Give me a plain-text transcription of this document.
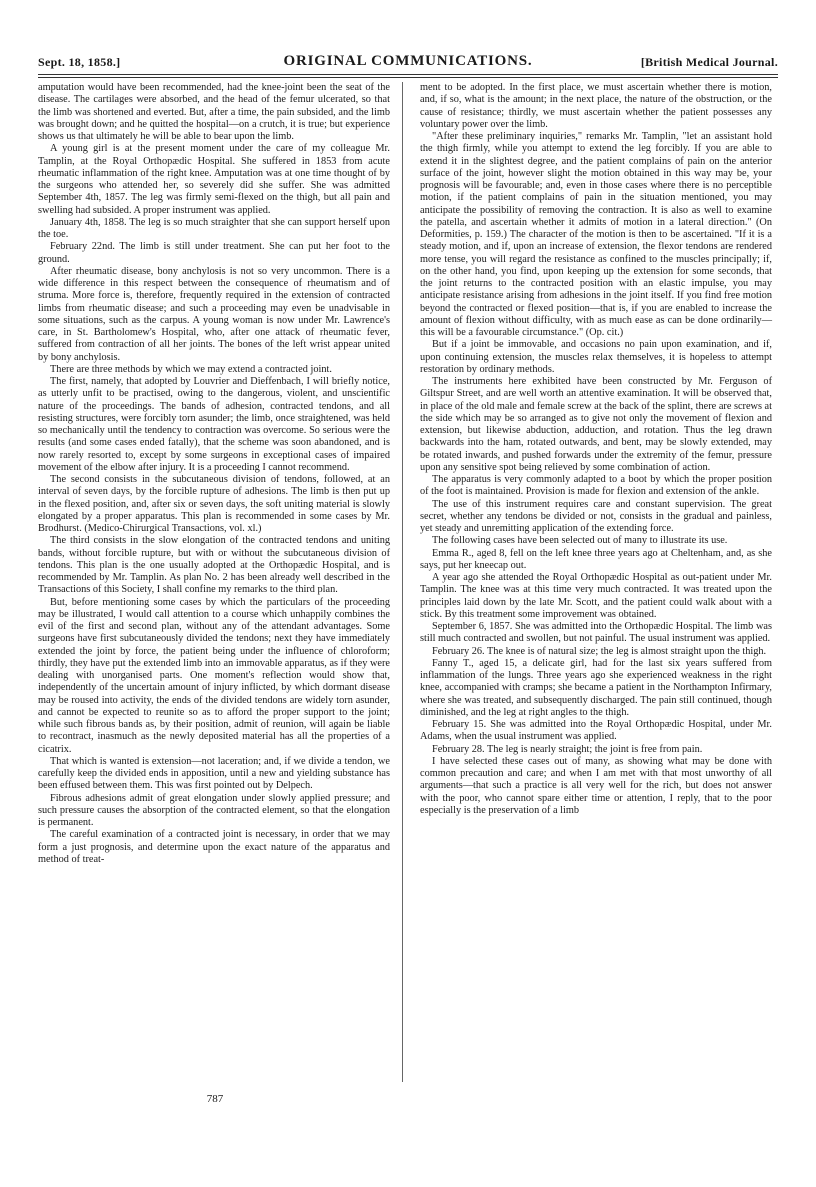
Sept. 18, 1858.]	ORIGINAL COMMUNICATIONS.	[British Medical Journal.

amputation would have been recommended, had the knee-joint been the seat of the disease. The cartilages were absorbed, and the head of the femur ulcerated, so that the limb was shortened and everted. But, after a time, the pain subsided, and the limb was brought down; and he quitted the hospital—on a crutch, it is true; but experience shows us that ultimately he will be able to bear upon the limb.

A young girl is at the present moment under the care of my colleague Mr. Tamplin, at the Royal Orthopædic Hospital. She suffered in 1853 from acute rheumatic inflammation of the right knee. Amputation was at one time thought of by the surgeons who attended her, so severely did she suffer. She was admitted September 4th, 1857. The leg was firmly semi-flexed on the thigh, but all pain and swelling had subsided. A proper instrument was applied.

January 4th, 1858. The leg is so much straighter that she can support herself upon the toe.

February 22nd. The limb is still under treatment. She can put her foot to the ground.

After rheumatic disease, bony anchylosis is not so very uncommon. There is a wide difference in this respect between the consequence of rheumatism and of struma. More force is, therefore, frequently required in the extension of contracted limbs from rheumatic disease; and such a proceeding may even be unadvisable in some situations, such as the carpus. A young woman is now under Mr. Lawrence's care, in St. Bartholomew's Hospital, who, after one attack of rheumatic fever, suffered from contraction of all her joints. The bones of the left wrist appear united by bony anchylosis.

There are three methods by which we may extend a contracted joint.

The first, namely, that adopted by Louvrier and Dieffenbach, I will briefly notice, as utterly unfit to be practised, owing to the dangerous, violent, and unscientific nature of the proceedings. The bands of adhesion, contracted tendons, and all resisting structures, were forcibly torn asunder; the limb, once straightened, was held so mechanically until the tendency to contraction was overcome. So serious were the results (and some cases ended fatally), that the scheme was soon abandoned, and is now rarely resorted to, except by some surgeons in exceptional cases of impaired movement of the elbow after injury. It is a proceeding I cannot recommend.

The second consists in the subcutaneous division of tendons, followed, at an interval of seven days, by the forcible rupture of adhesions. The limb is then put up in the flexed position, and, after six or seven days, the soft uniting material is slowly elongated by a proper apparatus. This plan is recommended in some cases by Mr. Brodhurst. (Medico-Chirurgical Transactions, vol. xl.)

The third consists in the slow elongation of the contracted tendons and uniting bands, without forcible rupture, but with or without the subcutaneous division of tendons. This plan is the one usually adopted at the Orthopædic Hospital, and is recommended by Mr. Tamplin. As plan No. 2 has been already well described in the Transactions of this Society, I shall confine my remarks to the third plan.

But, before mentioning some cases by which the particulars of the proceeding may be illustrated, I would call attention to a course which unhappily combines the evil of the first and second plan, without any of the attendant advantages. Some surgeons have first subcutaneously divided the tendons; next they have immediately extended the joint by force, the patient being under the influence of chloroform; thirdly, they have put the extended limb into an immovable apparatus, as if they were dealing with unorganised parts. One moment's reflection would show that, independently of the uncertain amount of injury inflicted, by which dormant disease may be roused into activity, the ends of the divided tendons are widely torn asunder, and cannot be expected to reunite so as to afford the proper support to the joint; while such fibrous bands as, by their position, admit of reunion, will again be liable to recontract, inasmuch as the newly deposited material has all the properties of a cicatrix.

That which is wanted is extension—not laceration; and, if we divide a tendon, we carefully keep the divided ends in apposition, until a new and yielding substance has been effused between them. This was first pointed out by Delpech.

Fibrous adhesions admit of great elongation under slowly applied pressure; and such pressure causes the absorption of the contracted element, so that the elongation is permanent.

The careful examination of a contracted joint is necessary, in order that we may form a just prognosis, and determine upon the exact nature of the apparatus and method of treat-

ment to be adopted. In the first place, we must ascertain whether there is motion, and, if so, what is the amount; in the next place, the nature of the obstruction, or the cause of resistance; thirdly, we must ascertain whether the patient possesses any voluntary power over the limb.

"After these preliminary inquiries," remarks Mr. Tamplin, "let an assistant hold the thigh firmly, while you attempt to extend the leg forcibly. If you are able to extend it in the slightest degree, and the patient complains of pain on the anterior surface of the joint, however slight the motion obtained in this way may be, your prognosis will be favourable; and, even in those cases where there is no perceptible motion, if the patient complains of pain in the situation mentioned, you may anticipate the possibility of removing the contraction. It is also as well to examine the patella, and ascertain whether it admits of motion in a lateral direction." (On Deformities, p. 159.) The character of the motion is then to be ascertained. "If it is a steady motion, and if, upon an increase of extension, the flexor tendons are rendered more tense, you will regard the resistance as confined to the muscles principally; if, on the other hand, you find, upon keeping up the extension for some seconds, that the joint returns to the contracted position with an elastic impulse, you may anticipate resistance arising from adhesions in the joint itself. If you find free motion beyond the contracted or flexed position—that is, if you are enabled to increase the amount of flexion without difficulty, with as much ease as can be done ordinarily—this will be a favourable circumstance." (Op. cit.)

But if a joint be immovable, and occasions no pain upon examination, and if, upon continuing extension, the muscles relax themselves, it is hopeless to attempt restoration by ordinary methods.

The instruments here exhibited have been constructed by Mr. Ferguson of Giltspur Street, and are well worth an attentive examination. It will be observed that, in place of the old male and female screw at the back of the splint, there are screws at the side which may be so arranged as to give not only the movement of flexion and extension, but likewise abduction, adduction, and rotation. Thus the leg drawn backwards into the ham, rotated outwards, and bent, may be slowly extended, may be rotated inwards, and pushed forwards under the extremity of the femur, pressure upon any sensitive spot being relieved by some combination of action.

The apparatus is very commonly adapted to a boot by which the proper position of the foot is maintained. Provision is made for flexion and extension of the ankle.

The use of this instrument requires care and constant supervision. The great secret, whether any tendons be divided or not, consists in the gradual and painless, yet steady and unremitting application of the extending force.

The following cases have been selected out of many to illustrate its use.

Emma R., aged 8, fell on the left knee three years ago at Cheltenham, and, as she says, put her kneecap out.

A year ago she attended the Royal Orthopædic Hospital as out-patient under Mr. Tamplin. The knee was at this time very much contracted. It was treated upon the principles laid down by the late Mr. Scott, and the patient could walk about with a stick. By this treatment some improvement was obtained.

September 6, 1857. She was admitted into the Orthopædic Hospital. The limb was still much contracted and swollen, but not painful. The usual instrument was applied.

February 26. The knee is of natural size; the leg is almost straight upon the thigh.

Fanny T., aged 15, a delicate girl, had for the last six years suffered from inflammation of the lungs. Three years ago she experienced weakness in the right knee, accompanied with cramps; she became a patient in the Northampton Infirmary, where she was treated, and subsequently discharged. The pain still continued, though diminished, and the leg at right angles to the thigh.

February 15. She was admitted into the Royal Orthopædic Hospital, under Mr. Adams, when the usual instrument was applied.

February 28. The leg is nearly straight; the joint is free from pain.

I have selected these cases out of many, as showing what may be done with common precaution and care; and when I am met with that most unworthy of all arguments—that such a practice is all very well for the rich, but does not answer with the poor, who cannot spare either time or attention, I reply, that to the poor especially is the preservation of a limb

787
